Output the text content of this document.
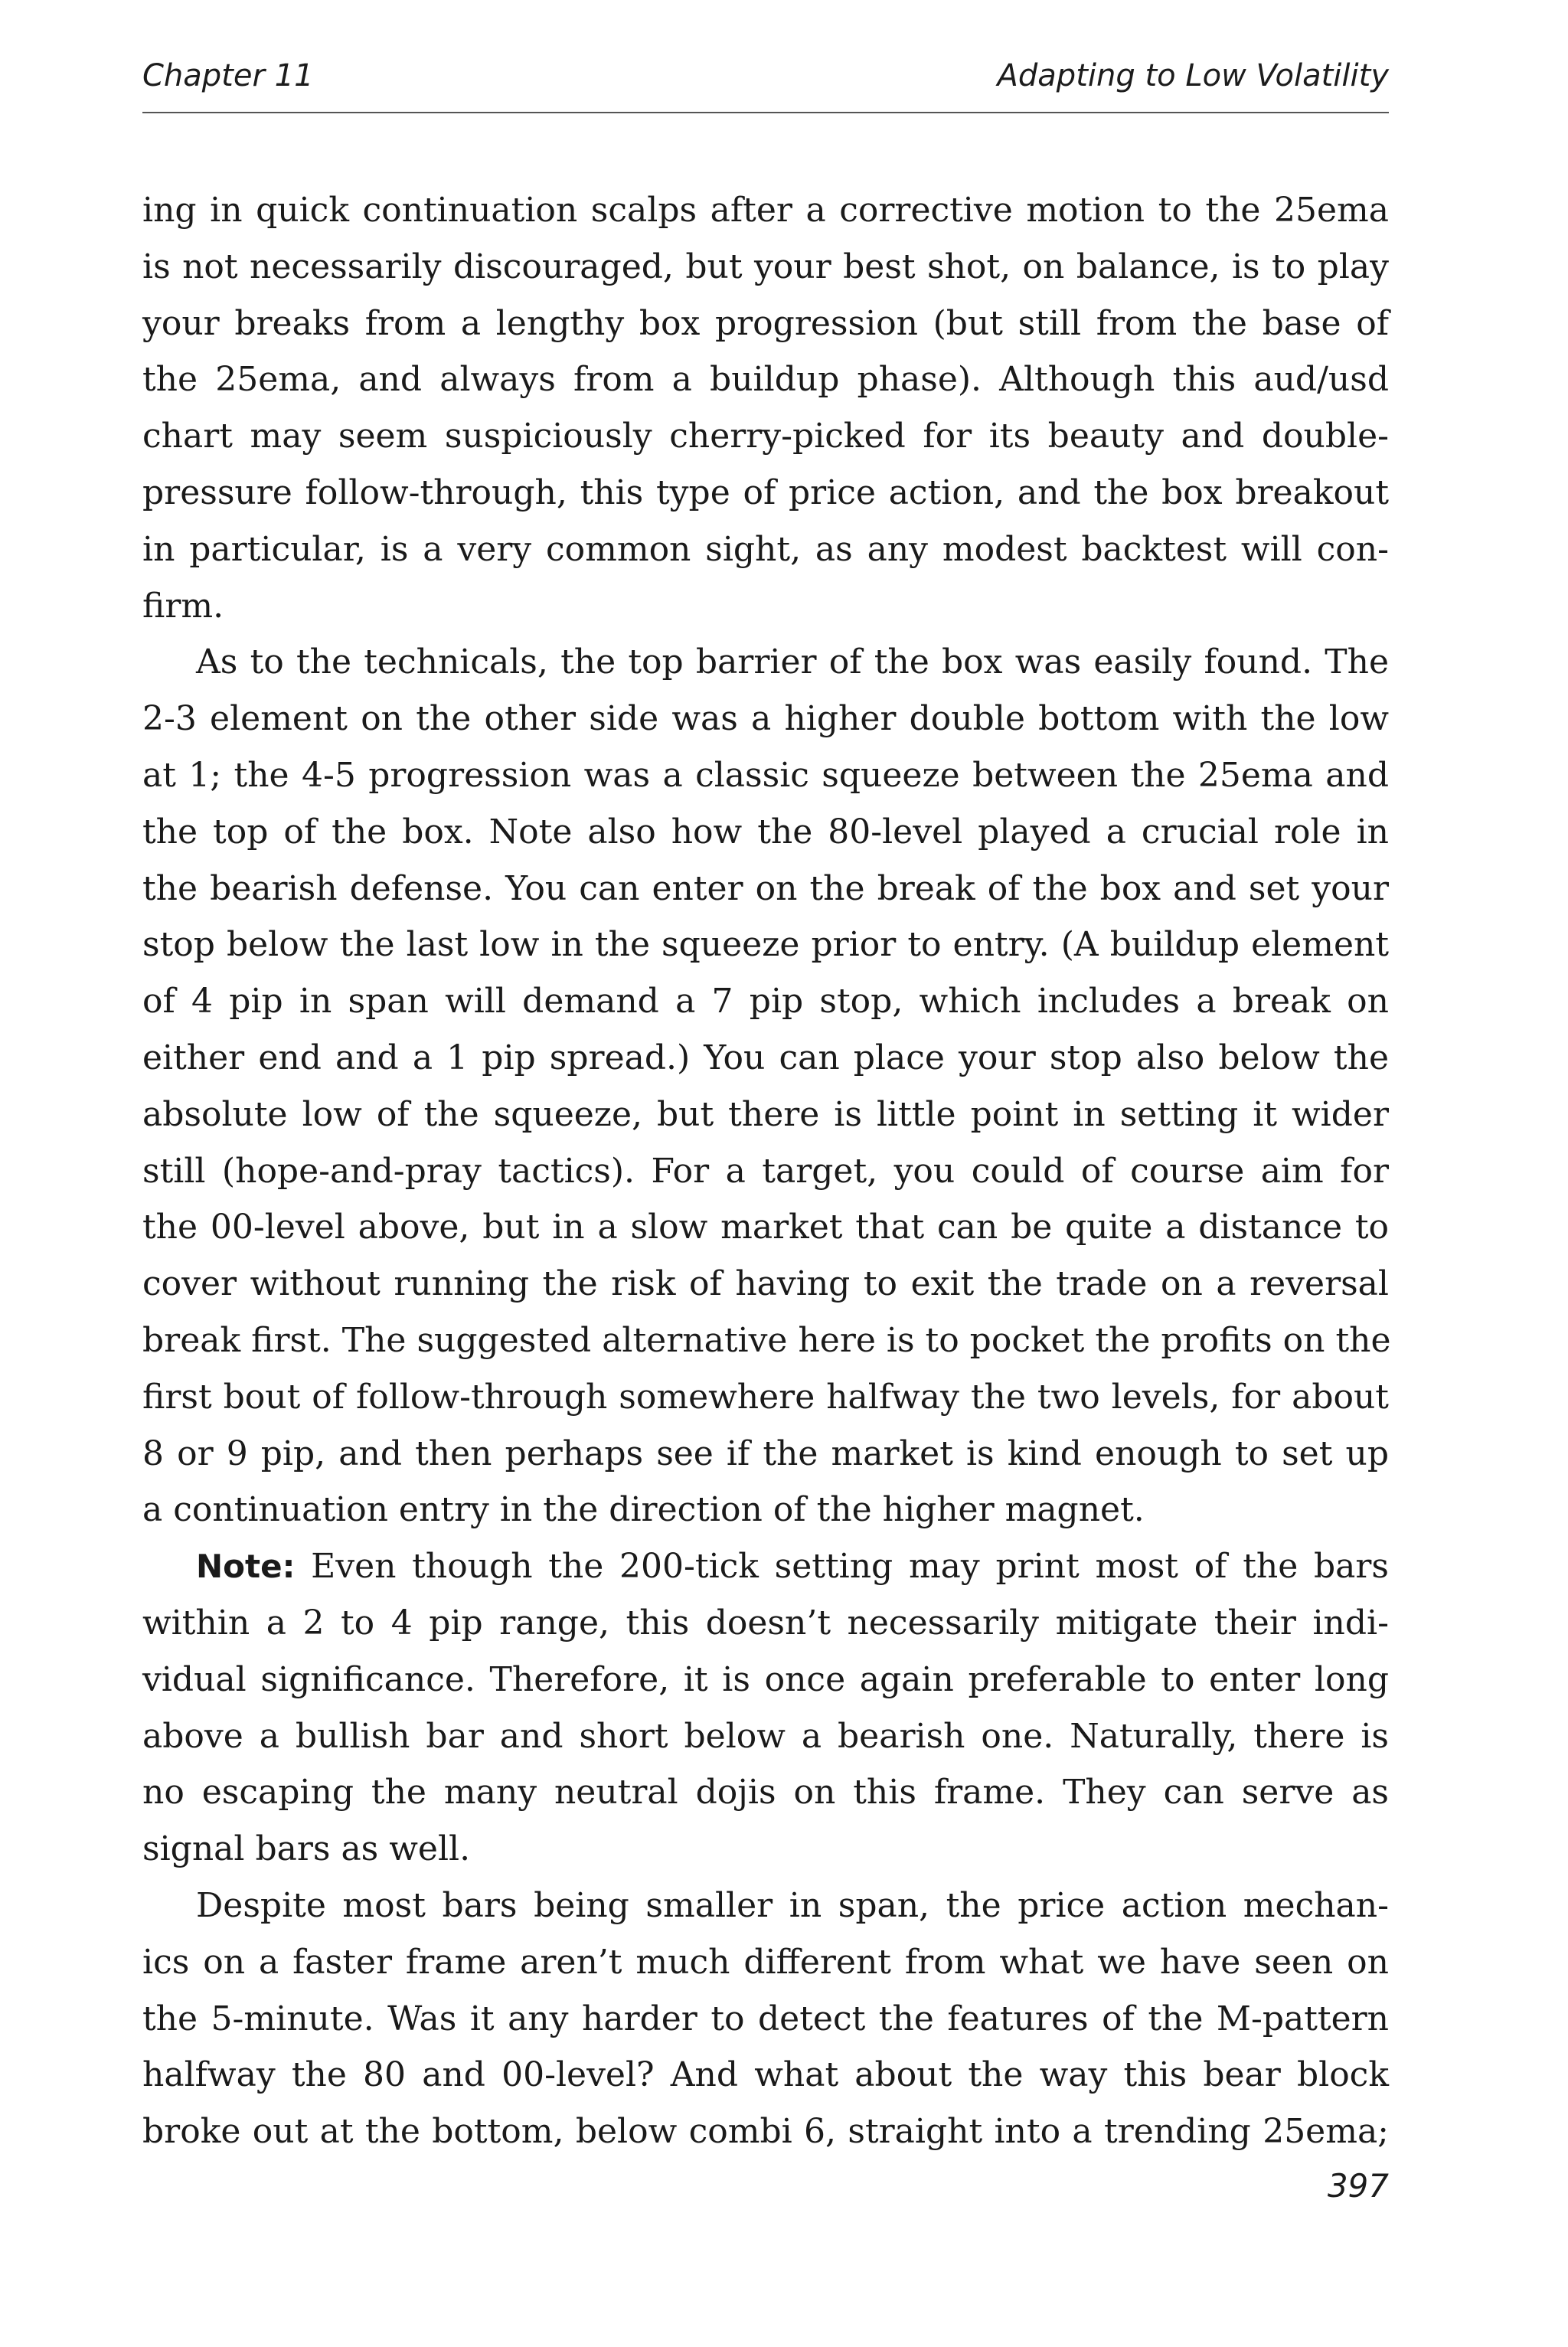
Chapter 11	Adapting to Low Volatility

ing in quick continuation scalps after a corrective motion to the 25ema
is not necessarily discouraged, but your best shot, on balance, is to play
your breaks from a lengthy box progression (but still from the base of
the 25ema, and always from a buildup phase). Although this aud/usd
chart may seem suspiciously cherry-picked for its beauty and double-
pressure follow-through, this type of price action, and the box breakout
in particular, is a very common sight, as any modest backtest will con-
firm.

As to the technicals, the top barrier of the box was easily found. The
2-3 element on the other side was a higher double bottom with the low
at 1; the 4-5 progression was a classic squeeze between the 25ema and
the top of the box. Note also how the 80-level played a crucial role in
the bearish defense. You can enter on the break of the box and set your
stop below the last low in the squeeze prior to entry. (A buildup element
of 4 pip in span will demand a 7 pip stop, which includes a break on
either end and a 1 pip spread.) You can place your stop also below the
absolute low of the squeeze, but there is little point in setting it wider
still (hope-and-pray tactics). For a target, you could of course aim for
the 00-level above, but in a slow market that can be quite a distance to
cover without running the risk of having to exit the trade on a reversal
break first. The suggested alternative here is to pocket the profits on the
first bout of follow-through somewhere halfway the two levels, for about
8 or 9 pip, and then perhaps see if the market is kind enough to set up
a continuation entry in the direction of the higher magnet.

Note: Even though the 200-tick setting may print most of the bars
within a 2 to 4 pip range, this doesn’t necessarily mitigate their indi-
vidual significance. Therefore, it is once again preferable to enter long
above a bullish bar and short below a bearish one. Naturally, there is
no escaping the many neutral dojis on this frame. They can serve as
signal bars as well.

Despite most bars being smaller in span, the price action mechan-
ics on a faster frame aren’t much different from what we have seen on
the 5-minute. Was it any harder to detect the features of the M-pattern
halfway the 80 and 00-level? And what about the way this bear block
broke out at the bottom, below combi 6, straight into a trending 25ema;

397
